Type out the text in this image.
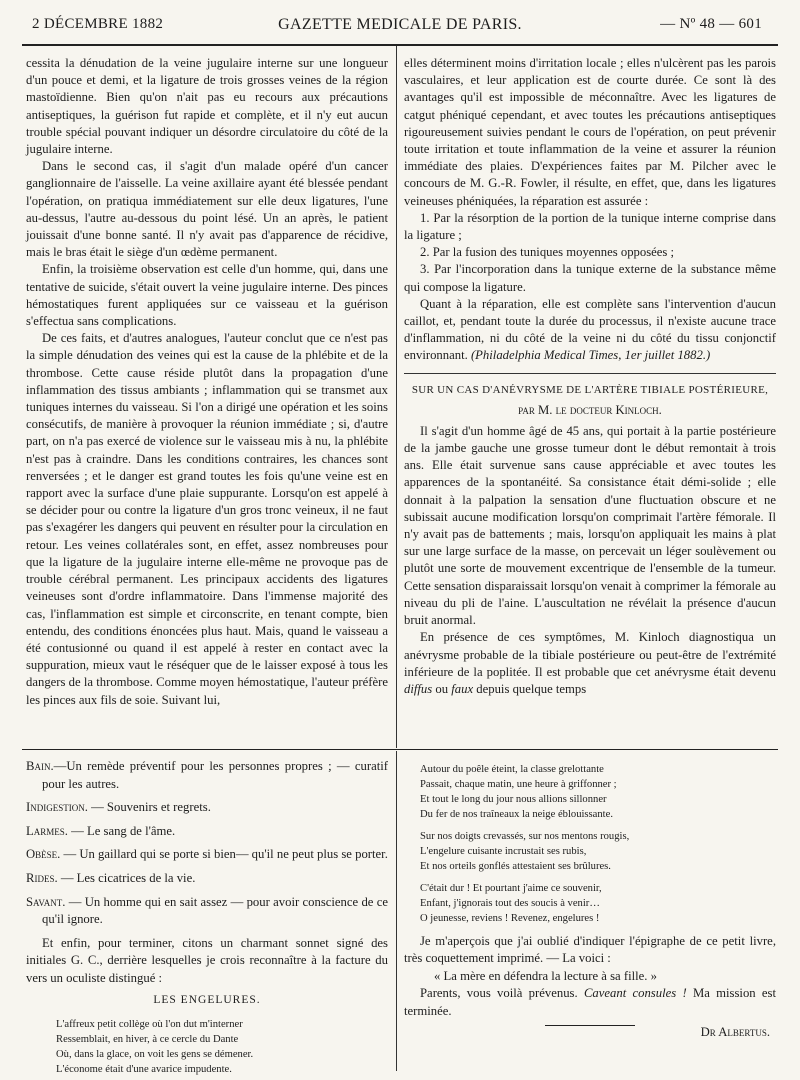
2 DÉCEMBRE 1882	GAZETTE MEDICALE DE PARIS.	— Nº 48 — 601

cessita la dénudation de la veine jugulaire interne sur une longueur d'un pouce et demi, et la ligature de trois grosses veines de la région mastoïdienne. Bien qu'on n'ait pas eu recours aux précautions antiseptiques, la guérison fut rapide et complète, et il n'y eut aucun trouble spécial pouvant indiquer un désordre circulatoire du côté de la jugulaire interne.

Dans le second cas, il s'agit d'un malade opéré d'un cancer ganglionnaire de l'aisselle. La veine axillaire ayant été blessée pendant l'opération, on pratiqua immédiatement sur elle deux ligatures, l'une au-dessus, l'autre au-dessous du point lésé. Un an après, le patient jouissait d'une bonne santé. Il n'y avait pas d'apparence de récidive, mais le bras était le siège d'un œdème permanent.

Enfin, la troisième observation est celle d'un homme, qui, dans une tentative de suicide, s'était ouvert la veine jugulaire interne. Des pinces hémostatiques furent appliquées sur ce vaisseau et la guérison s'effectua sans complications.

De ces faits, et d'autres analogues, l'auteur conclut que ce n'est pas la simple dénudation des veines qui est la cause de la phlébite et de la thrombose. Cette cause réside plutôt dans la propagation d'une inflammation des tissus ambiants ; inflammation qui se transmet aux tuniques internes du vaisseau. Si l'on a dirigé une opération et les soins consécutifs, de manière à provoquer la réunion immédiate ; si, d'autre part, on n'a pas exercé de violence sur le vaisseau mis à nu, la phlébite n'est pas à craindre. Dans les conditions contraires, les chances sont renversées ; et le danger est grand toutes les fois qu'une veine est en rapport avec la surface d'une plaie suppurante. Lorsqu'on est appelé à se décider pour ou contre la ligature d'un gros tronc veineux, il ne faut pas s'exagérer les dangers qui peuvent en résulter pour la circulation en retour. Les veines collatérales sont, en effet, assez nombreuses pour que la ligature de la jugulaire interne elle-même ne provoque pas de trouble cérébral permanent. Les principaux accidents des ligatures veineuses sont d'ordre inflammatoire. Dans l'immense majorité des cas, l'inflammation est simple et circonscrite, en tenant compte, bien entendu, des conditions énoncées plus haut. Mais, quand le vaisseau a été contusionné ou quand il est appelé à rester en contact avec la suppuration, mieux vaut le réséquer que de le laisser exposé à tous les dangers de la thrombose. Comme moyen hémostatique, l'auteur préfère les pinces aux fils de soie. Suivant lui,

elles déterminent moins d'irritation locale ; elles n'ulcèrent pas les parois vasculaires, et leur application est de courte durée. Ce sont là des avantages qu'il est impossible de méconnaître. Avec les ligatures de catgut phéniqué cependant, et avec toutes les précautions antiseptiques rigoureusement suivies pendant le cours de l'opération, on peut prévenir toute irritation et toute inflammation de la veine et assurer la réunion immédiate des plaies. D'expériences faites par M. Pilcher avec le concours de M. G.-R. Fowler, il résulte, en effet, que, dans les ligatures veineuses phéniquées, la réparation est assurée :

1. Par la résorption de la portion de la tunique interne comprise dans la ligature ;

2. Par la fusion des tuniques moyennes opposées ;

3. Par l'incorporation dans la tunique externe de la substance même qui compose la ligature.

Quant à la réparation, elle est complète sans l'intervention d'aucun caillot, et, pendant toute la durée du processus, il n'existe aucune trace d'inflammation, ni du côté de la veine ni du côté du tissu conjonctif environnant. (Philadelphia Medical Times, 1er juillet 1882.)

SUR UN CAS D'ANÉVRYSME DE L'ARTÈRE TIBIALE POSTÉRIEURE,

par M. le docteur Kinloch.

Il s'agit d'un homme âgé de 45 ans, qui portait à la partie postérieure de la jambe gauche une grosse tumeur dont le début remontait à trois ans. Elle était survenue sans cause appréciable et avec toutes les apparences de la spontanéité. Sa consistance était démi-solide ; elle donnait à la palpation la sensation d'une fluctuation obscure et ne subissait aucune modification lorsqu'on comprimait l'artère fémorale. Il n'y avait pas de battements ; mais, lorsqu'on appliquait les mains à plat sur une large surface de la masse, on percevait un léger soulèvement ou plutôt une sorte de mouvement excentrique de l'ensemble de la tumeur. Cette sensation disparaissait lorsqu'on venait à comprimer la fémorale au niveau du pli de l'aine. L'auscultation ne révélait la présence d'aucun bruit anormal.

En présence de ces symptômes, M. Kinloch diagnostiqua un anévrysme probable de la tibiale postérieure ou peut-être de l'extrémité inférieure de la poplitée. Il est probable que cet anévrysme était devenu diffus ou faux depuis quelque temps

Bain.—Un remède préventif pour les personnes propres ; — curatif pour les autres.

Indigestion. — Souvenirs et regrets.

Larmes. — Le sang de l'âme.

Obèse. — Un gaillard qui se porte si bien— qu'il ne peut plus se porter.

Rides. — Les cicatrices de la vie.

Savant. — Un homme qui en sait assez — pour avoir conscience de ce qu'il ignore.

Et enfin, pour terminer, citons un charmant sonnet signé des initiales G. C., derrière lesquelles je crois reconnaître à la facture du vers un oculiste distingué :

LES ENGELURES.

L'affreux petit collège où l'on dut m'interner

Ressemblait, en hiver, à ce cercle du Dante

Où, dans la glace, on voit les gens se démener.

L'économe était d'une avarice impudente.

Autour du poêle éteint, la classe grelottante

Passait, chaque matin, une heure à griffonner ;

Et tout le long du jour nous allions sillonner

Du fer de nos traîneaux la neige éblouissante.

Sur nos doigts crevassés, sur nos mentons rougis,

L'engelure cuisante incrustait ses rubis,

Et nos orteils gonflés attestaient ses brûlures.

C'était dur ! Et pourtant j'aime ce souvenir,

Enfant, j'ignorais tout des soucis à venir…

O jeunesse, reviens ! Revenez, engelures !

Je m'aperçois que j'ai oublié d'indiquer l'épigraphe de ce petit livre, très coquettement imprimé. — La voici :

« La mère en défendra la lecture à sa fille. »

Parents, vous voilà prévenus. Caveant consules ! Ma mission est terminée.

Dr Albertus.
